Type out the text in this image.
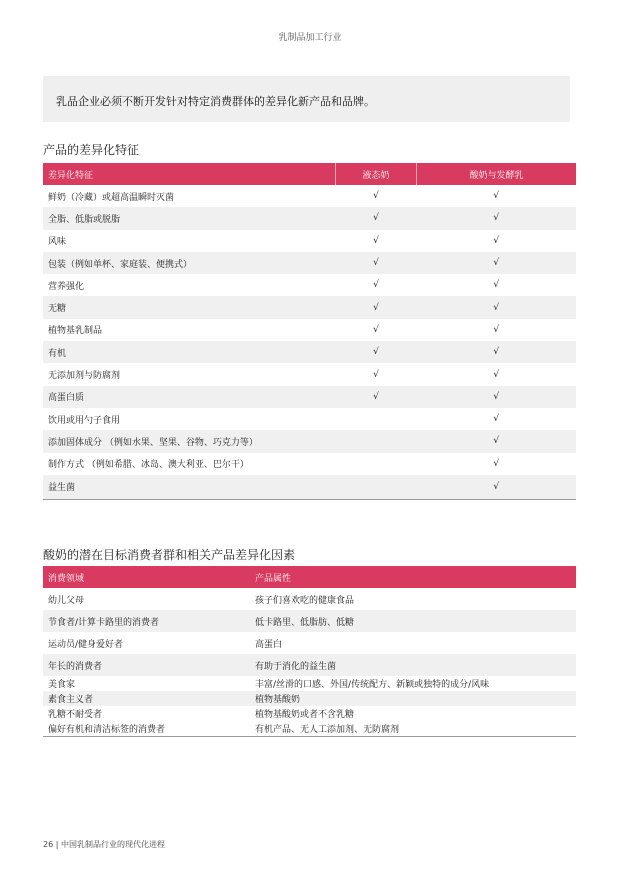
乳制品加工行业
乳品企业必须不断开发针对特定消费群体的差异化新产品和品牌。
产品的差异化特征
差异化特征	液态奶	酸奶与发酵乳
鲜奶（冷藏）或超高温瞬时灭菌	√	√
全脂、低脂或脱脂	√	√
风味	√	√
包装（例如单杯、家庭装、便携式）	√	√
营养强化	√	√
无糖	√	√
植物基乳制品	√	√
有机	√	√
无添加剂与防腐剂	√	√
高蛋白质	√	√
饮用或用勺子食用		√
添加固体成分 （例如水果、坚果、谷物、巧克力等）		√
制作方式 （例如希腊、冰岛、澳大利亚、巴尔干）		√
益生菌		√
酸奶的潜在目标消费者群和相关产品差异化因素
消费领域	产品属性
幼儿父母	孩子们喜欢吃的健康食品
节食者/计算卡路里的消费者	低卡路里、低脂肪、低糖
运动员/健身爱好者	高蛋白
年长的消费者	有助于消化的益生菌
美食家	丰富/丝滑的口感、外国/传统配方、新颖或独特的成分/风味
素食主义者	植物基酸奶
乳糖不耐受者	植物基酸奶或者不含乳糖
偏好有机和清洁标签的消费者	有机产品、无人工添加剂、无防腐剂
26 | 中国乳制品行业的现代化进程
